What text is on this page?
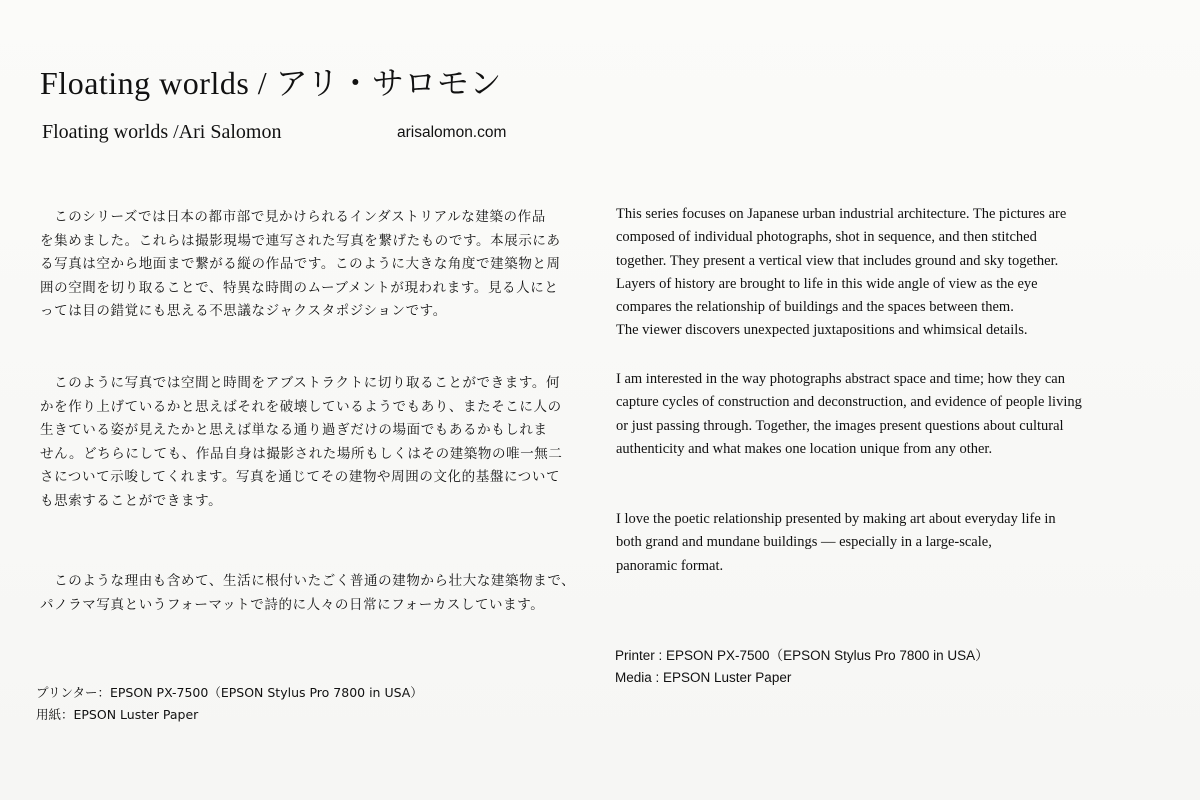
Floating worlds / アリ・サロモン
Floating worlds /Ari Salomon	arisalomon.com

　このシリーズでは日本の都市部で見かけられるインダストリアルな建築の作品

を集めました。これらは撮影現場で連写された写真を繋げたものです。本展示にあ

る写真は空から地面まで繋がる縦の作品です。このように大きな角度で建築物と周

囲の空間を切り取ることで、特異な時間のムーブメントが現われます。見る人にと

っては目の錯覚にも思える不思議なジャクスタポジションです。

　このように写真では空間と時間をアブストラクトに切り取ることができます。何

かを作り上げているかと思えばそれを破壊しているようでもあり、またそこに人の

生きている姿が見えたかと思えば単なる通り過ぎだけの場面でもあるかもしれま

せん。どちらにしても、作品自身は撮影された場所もしくはその建築物の唯一無二

さについて示唆してくれます。写真を通じてその建物や周囲の文化的基盤について

も思索することができます。

　このような理由も含めて、生活に根付いたごく普通の建物から壮大な建築物まで、

パノラマ写真というフォーマットで詩的に人々の日常にフォーカスしています。

プリンター：EPSON PX-7500（EPSON Stylus Pro 7800 in USA）
用紙：EPSON Luster Paper

This series focuses on Japanese urban industrial architecture. The pictures are

composed of individual photographs, shot in sequence, and then stitched

together. They present a vertical view that includes ground and sky together.

Layers of history are brought to life in this wide angle of view as the eye

compares the relationship of buildings and the spaces between them.

The viewer discovers unexpected juxtapositions and whimsical details.

I am interested in the way photographs abstract space and time; how they can

capture cycles of construction and deconstruction, and evidence of people living

or just passing through. Together, the images present questions about cultural

authenticity and what makes one location unique from any other.

I love the poetic relationship presented by making art about everyday life in

both grand and mundane buildings — especially in a large-scale,

panoramic format.

Printer : EPSON PX-7500（EPSON Stylus Pro 7800 in USA）
Media : EPSON Luster Paper
